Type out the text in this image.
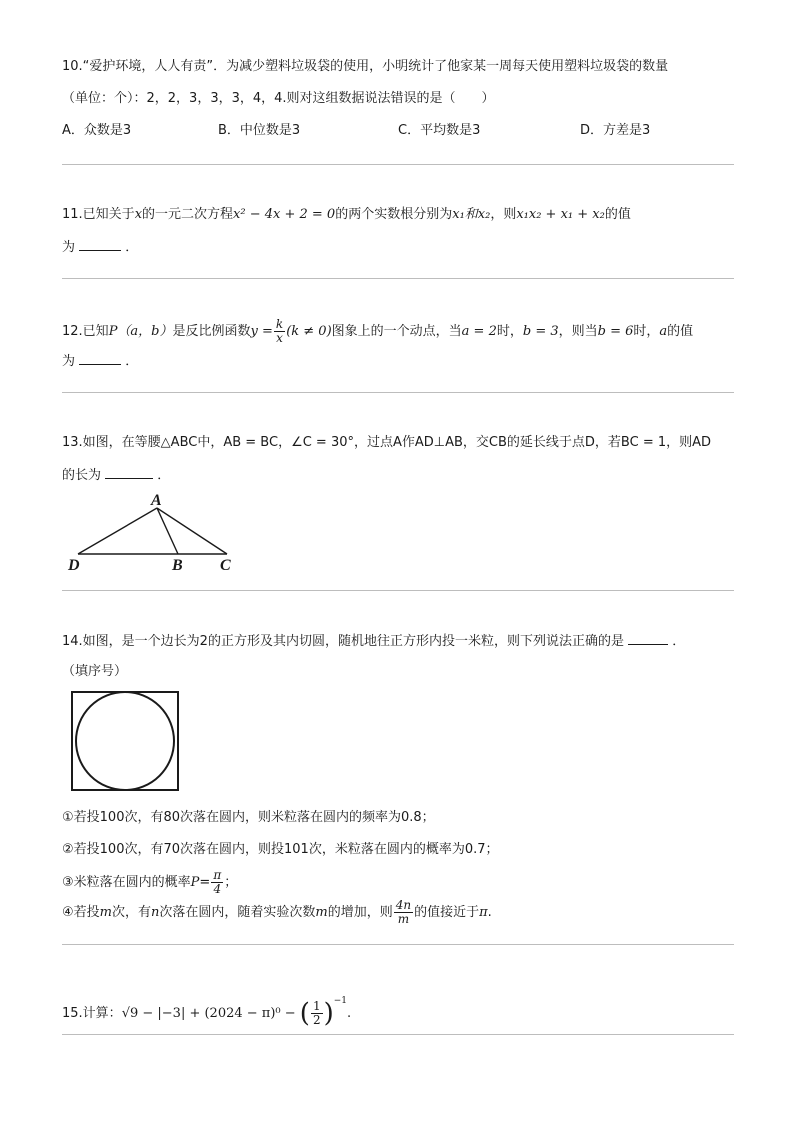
10.“爱护环境，人人有责”．为减少塑料垃圾袋的使用，小明统计了他家某一周每天使用塑料垃圾袋的数量
（单位：个）：2，2，3，3，3，4，4.则对这组数据说法错误的是（　　）
A．众数是3	B．中位数是3	C．平均数是3	D．方差是3
11.已知关于x的一元二次方程x² − 4x + 2 = 0的两个实数根分别为x₁和x₂，则x₁x₂ + x₁ + x₂的值
为	．
12.已知P（a，b）是反比例函数$y = \frac{k}{x} (k \ne 0)$图象上的一个动点，当a = 2时，b = 3，则当b = 6时，a的值
为	．
13.如图，在等腰△ABC中，AB = BC，∠C = 30°，过点A作AD⊥AB，交CB的延长线于点D，若BC = 1，则AD
的长为	．
A
D	B C
14.如图，是一个边长为2的正方形及其内切圆，随机地往正方形内投一米粒，则下列说法正确的是	．
（填序号）
①若投100次，有80次落在圆内，则米粒落在圆内的频率为0.8；
②若投100次，有70次落在圆内，则投101次，米粒落在圆内的概率为0.7；
③米粒落在圆内的概率$P= \frac{\pi}{4}$ ；
④若投m次，有n次落在圆内，随着实验次数m的增加，则 $\frac{4n}{m}$ 的值接近于π.
15.计算：√9 − |−3| + (2024 − π)⁰ − ( $\frac{1}{2} )^{-1}$.
